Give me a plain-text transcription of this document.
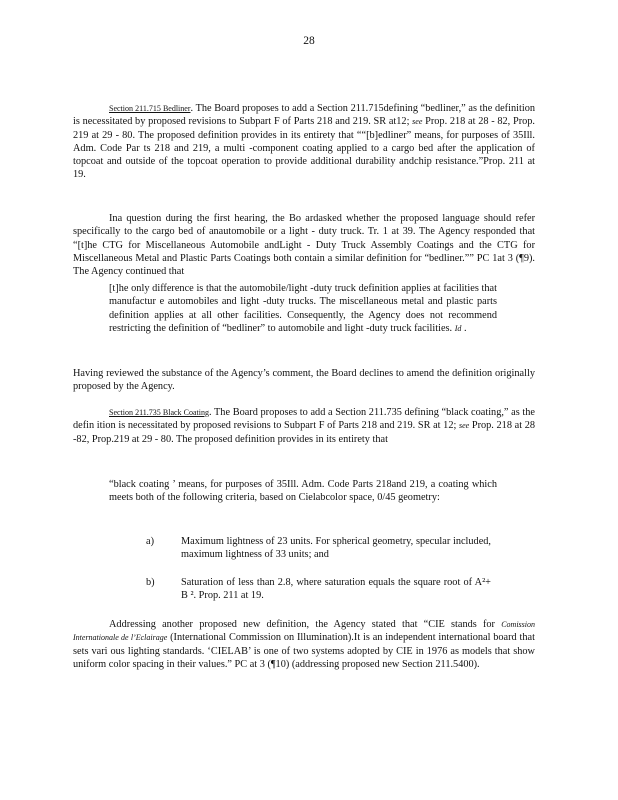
28

Section 211.715 Bedliner. The Board proposes to add a Section 211.715defining “bedliner,” as the definition is necessitated by proposed revisions to Subpart F of Parts 218 and 219. SR at12; see Prop. 218 at 28 - 82, Prop. 219 at 29 - 80. The proposed definition provides in its entirety that ““[b]edliner” means, for purposes of 35Ill. Adm. Code Par ts 218 and 219, a multi -component coating applied to a cargo bed after the application of topcoat and outside of the topcoat operation to provide additional durability andchip resistance.”Prop. 211 at 19.

Ina question during the first hearing, the Bo ardasked whether the proposed language should refer specifically to the cargo bed of anautomobile or a light - duty truck. Tr. 1 at 39. The Agency responded that “[t]he CTG for Miscellaneous Automobile andLight - Duty Truck Assembly Coatings and the CTG for Miscellaneous Metal and Plastic Parts Coatings both contain a similar definition for “bedliner.”” PC 1at 3 (¶9). The Agency continued that

[t]he only difference is that the automobile/light -duty truck definition applies at facilities that manufactur e automobiles and light -duty trucks. The miscellaneous metal and plastic parts definition applies at all other facilities. Consequently, the Agency does not recommend restricting the definition of “bedliner” to automobile and light -duty truck facilities. Id .

Having reviewed the substance of the Agency’s comment, the Board declines to amend the definition originally proposed by the Agency.

Section 211.735 Black Coating. The Board proposes to add a Section 211.735 defining “black coating,” as the defin ition is necessitated by proposed revisions to Subpart F of Parts 218 and 219. SR at 12; see Prop. 218 at 28 -82, Prop.219 at 29 - 80. The proposed definition provides in its entirety that

“black coating ’ means, for purposes of 35Ill. Adm. Code Parts 218and 219, a coating which meets both of the following criteria, based on Cielabcolor space, 0/45 geometry:

a)	Maximum lightness of 23 units. For spherical geometry, specular included, maximum lightness of 33 units; and

b)	Saturation of less than 2.8, where saturation equals the square root of A²+ B ². Prop. 211 at 19.

Addressing another proposed new definition, the Agency stated that “CIE stands for Comission Internationale de l’Eclairage (International Commission on Illumination).It is an independent international board that sets vari ous lighting standards. ‘CIELAB’ is one of two systems adopted by CIE in 1976 as models that show uniform color spacing in their values.” PC at 3 (¶10) (addressing proposed new Section 211.5400).
